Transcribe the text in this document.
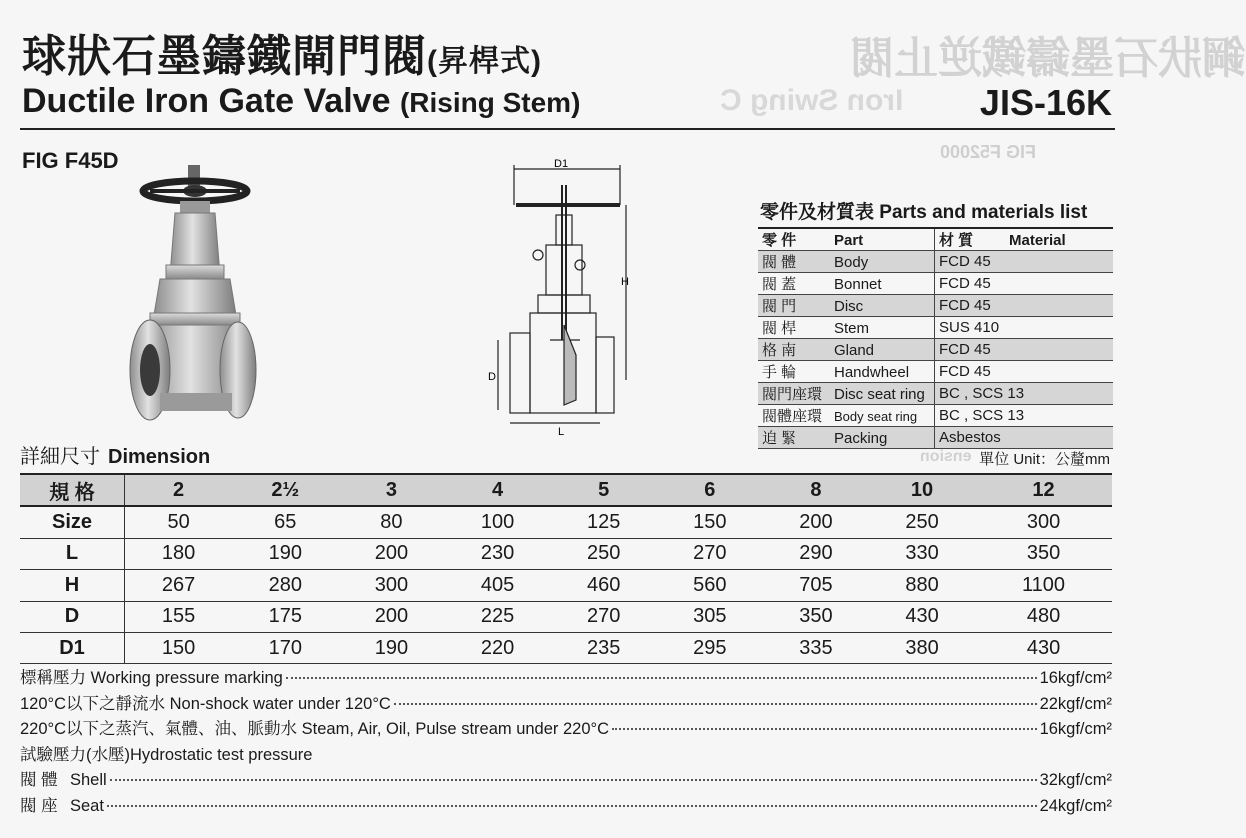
鋼狀石墨鑄鐵逆止閥
Iron Swing C
FIG F52000
ension
球狀石墨鑄鐵閘門閥(昇桿式)
Ductile Iron Gate Valve (Rising Stem)	JIS-16K
FIG F45D	D1
H
D
L
零件及材質表 Parts and materials list
零 件 Part	材 質 Material
閥 體 Body	FCD 45
閥 蓋 Bonnet	FCD 45
閥 門 Disc	FCD 45
閥 桿 Stem	SUS 410
格 南 Gland	FCD 45
手 輪 Handwheel	FCD 45
閥門座環 Disc seat ring	BC , SCS 13
閥體座環 Body seat ring	BC , SCS 13
迫 緊 Packing	Asbestos
詳細尺寸 Dimension	單位 Unit：公釐mm
規 格	2	2½	3	4	5	6	8	10	12
Size	50	65	80	100	125	150	200	250	300
L	180	190	200	230	250	270	290	330	350
H	267	280	300	405	460	560	705	880	1100
D	155	175	200	225	270	305	350	430	480
D1	150	170	190	220	235	295	335	380	430
標稱壓力 Working pressure marking	16kgf/cm²
120°C以下之靜流水 Non-shock water under 120°C	22kgf/cm²
220°C以下之蒸汽、氣體、油、脈動水 Steam, Air, Oil, Pulse stream under 220°C	16kgf/cm²
試驗壓力(水壓)Hydrostatic test pressure
閥 體 Shell	32kgf/cm²
閥 座 Seat	24kgf/cm²
